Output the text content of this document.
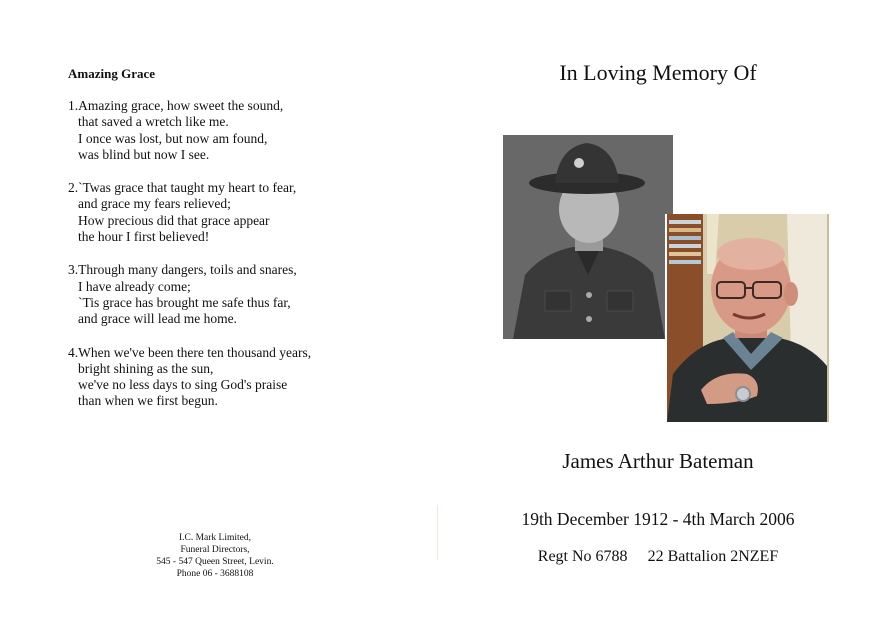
Amazing Grace
1.Amazing grace, how sweet the sound,
that saved a wretch like me.
I once was lost, but now am found,
was blind but now I see.
2.`Twas grace that taught my heart to fear,
and grace my fears relieved;
How precious did that grace appear
the hour I first believed!
3.Through many dangers, toils and snares,
I have already come;
`Tis grace has brought me safe thus far,
and grace will lead me home.
4.When we've been there ten thousand years,
bright shining as the sun,
we've no less days to sing God's praise
than when we first begun.
I.C. Mark Limited,
Funeral Directors,
545 - 547 Queen Street, Levin.
Phone 06 - 3688108
In Loving Memory Of
James Arthur Bateman
19th December 1912 - 4th March 2006
Regt No 6788 22 Battalion 2NZEF
